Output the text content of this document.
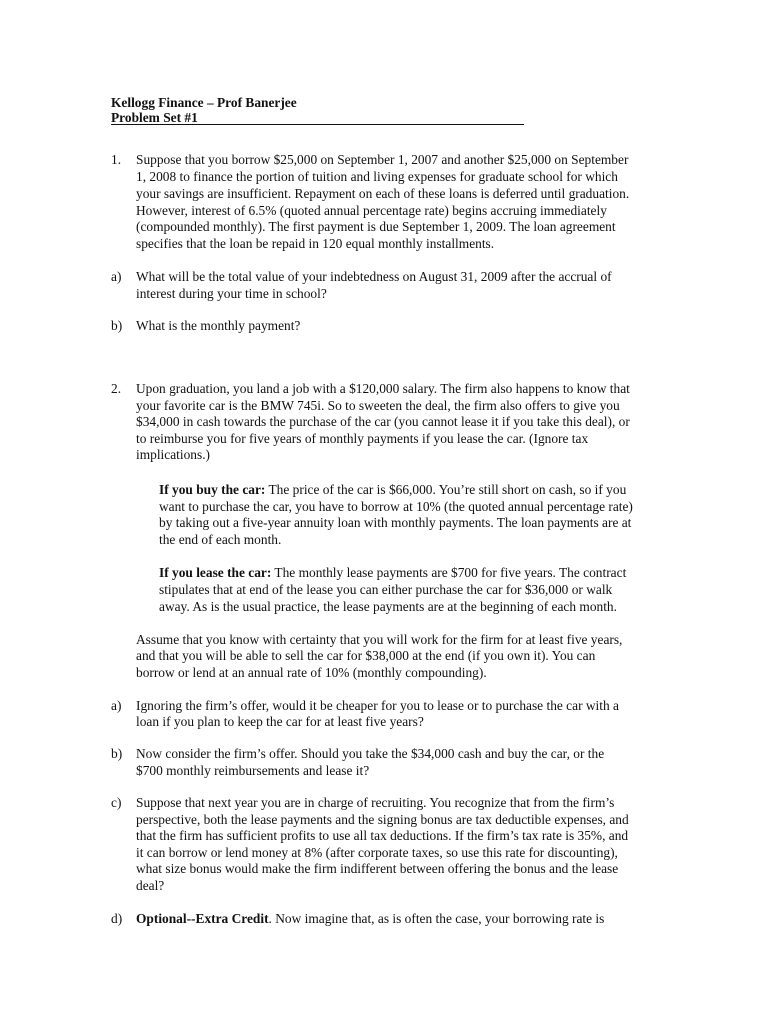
Kellogg Finance – Prof Banerjee
Problem Set #1
1. Suppose that you borrow $25,000 on September 1, 2007 and another $25,000 on September
1, 2008 to finance the portion of tuition and living expenses for graduate school for which
your savings are insufficient. Repayment on each of these loans is deferred until graduation.
However, interest of 6.5% (quoted annual percentage rate) begins accruing immediately
(compounded monthly). The first payment is due September 1, 2009. The loan agreement
specifies that the loan be repaid in 120 equal monthly installments.
a) What will be the total value of your indebtedness on August 31, 2009 after the accrual of
interest during your time in school?
b) What is the monthly payment?
2. Upon graduation, you land a job with a $120,000 salary. The firm also happens to know that
your favorite car is the BMW 745i. So to sweeten the deal, the firm also offers to give you
$34,000 in cash towards the purchase of the car (you cannot lease it if you take this deal), or
to reimburse you for five years of monthly payments if you lease the car. (Ignore tax
implications.)
If you buy the car: The price of the car is $66,000. You’re still short on cash, so if you
want to purchase the car, you have to borrow at 10% (the quoted annual percentage rate)
by taking out a five-year annuity loan with monthly payments. The loan payments are at
the end of each month.
If you lease the car: The monthly lease payments are $700 for five years. The contract
stipulates that at end of the lease you can either purchase the car for $36,000 or walk
away. As is the usual practice, the lease payments are at the beginning of each month.
Assume that you know with certainty that you will work for the firm for at least five years,
and that you will be able to sell the car for $38,000 at the end (if you own it). You can
borrow or lend at an annual rate of 10% (monthly compounding).
a) Ignoring the firm’s offer, would it be cheaper for you to lease or to purchase the car with a
loan if you plan to keep the car for at least five years?
b) Now consider the firm’s offer. Should you take the $34,000 cash and buy the car, or the
$700 monthly reimbursements and lease it?
c) Suppose that next year you are in charge of recruiting. You recognize that from the firm’s
perspective, both the lease payments and the signing bonus are tax deductible expenses, and
that the firm has sufficient profits to use all tax deductions. If the firm’s tax rate is 35%, and
it can borrow or lend money at 8% (after corporate taxes, so use this rate for discounting),
what size bonus would make the firm indifferent between offering the bonus and the lease
deal?
d) Optional--Extra Credit. Now imagine that, as is often the case, your borrowing rate is
